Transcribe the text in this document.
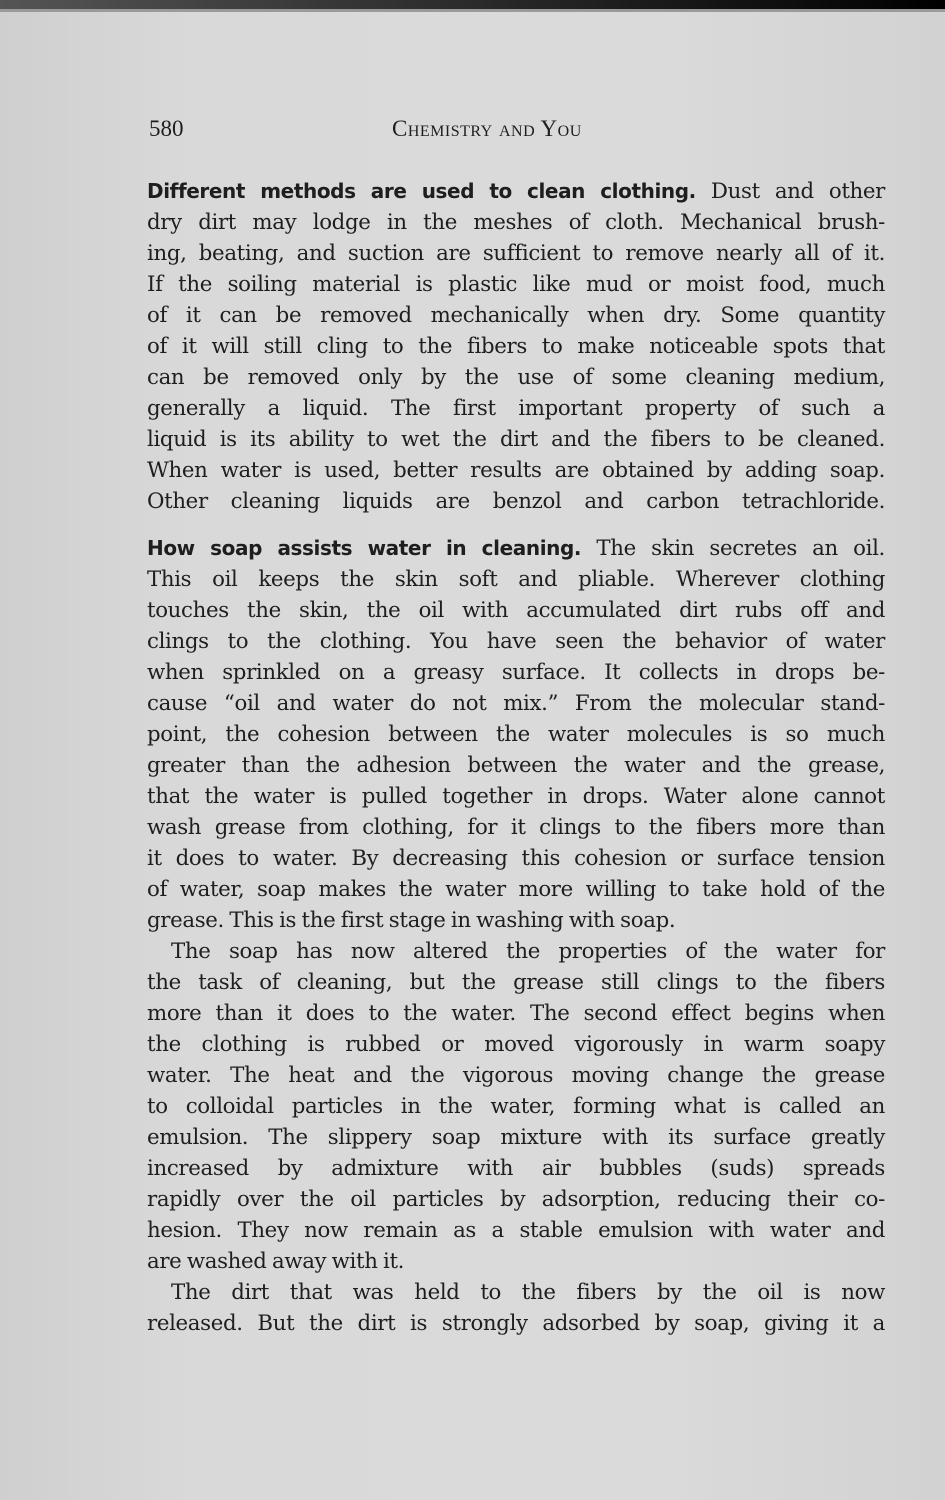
580	Chemistry and You
Different methods are used to clean clothing. Dust and other
dry dirt may lodge in the meshes of cloth. Mechanical brush-
ing, beating, and suction are sufficient to remove nearly all of it.
If the soiling material is plastic like mud or moist food, much
of it can be removed mechanically when dry. Some quantity
of it will still cling to the fibers to make noticeable spots that
can be removed only by the use of some cleaning medium,
generally a liquid. The first important property of such a
liquid is its ability to wet the dirt and the fibers to be cleaned.
When water is used, better results are obtained by adding soap.
Other cleaning liquids are benzol and carbon tetrachloride.
How soap assists water in cleaning. The skin secretes an oil.
This oil keeps the skin soft and pliable. Wherever clothing
touches the skin, the oil with accumulated dirt rubs off and
clings to the clothing. You have seen the behavior of water
when sprinkled on a greasy surface. It collects in drops be-
cause “oil and water do not mix.” From the molecular stand-
point, the cohesion between the water molecules is so much
greater than the adhesion between the water and the grease,
that the water is pulled together in drops. Water alone cannot
wash grease from clothing, for it clings to the fibers more than
it does to water. By decreasing this cohesion or surface tension
of water, soap makes the water more willing to take hold of the
grease. This is the first stage in washing with soap.
The soap has now altered the properties of the water for
the task of cleaning, but the grease still clings to the fibers
more than it does to the water. The second effect begins when
the clothing is rubbed or moved vigorously in warm soapy
water. The heat and the vigorous moving change the grease
to colloidal particles in the water, forming what is called an
emulsion. The slippery soap mixture with its surface greatly
increased by admixture with air bubbles (suds) spreads
rapidly over the oil particles by adsorption, reducing their co-
hesion. They now remain as a stable emulsion with water and
are washed away with it.
The dirt that was held to the fibers by the oil is now
released. But the dirt is strongly adsorbed by soap, giving it a
